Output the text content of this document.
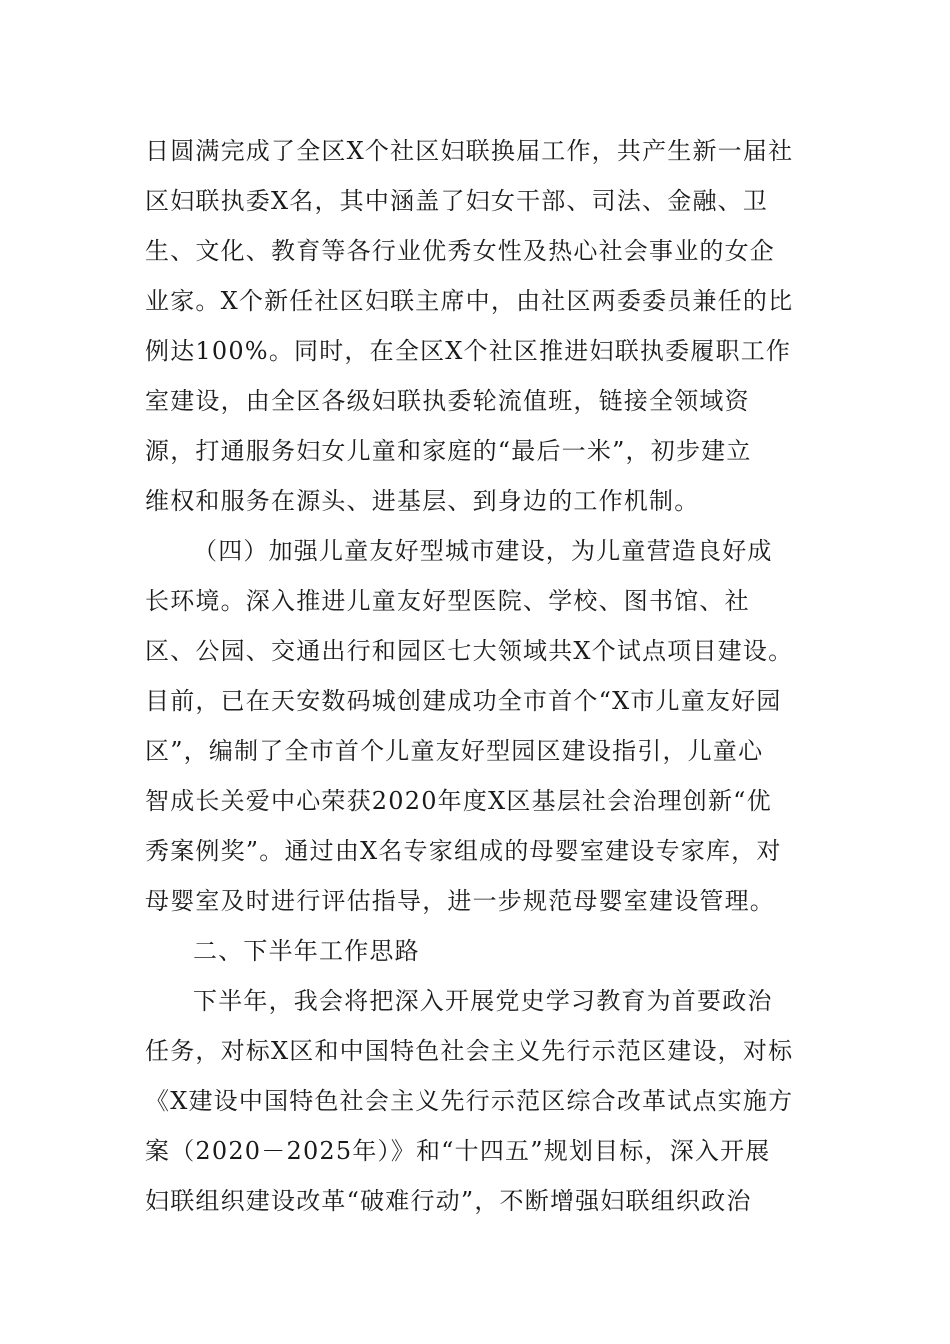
日圆满完成了全区X个社区妇联换届工作，共产生新一届社
区妇联执委X名，其中涵盖了妇女干部、司法、金融、卫
生、文化、教育等各行业优秀女性及热心社会事业的女企
业家。X个新任社区妇联主席中，由社区两委委员兼任的比
例达100%。同时，在全区X个社区推进妇联执委履职工作
室建设，由全区各级妇联执委轮流值班，链接全领域资
源，打通服务妇女儿童和家庭的“最后一米”，初步建立
维权和服务在源头、进基层、到身边的工作机制。
（四）加强儿童友好型城市建设，为儿童营造良好成
长环境。深入推进儿童友好型医院、学校、图书馆、社
区、公园、交通出行和园区七大领域共X个试点项目建设。
目前，已在天安数码城创建成功全市首个“X市儿童友好园
区”，编制了全市首个儿童友好型园区建设指引，儿童心
智成长关爱中心荣获2020年度X区基层社会治理创新“优
秀案例奖”。通过由X名专家组成的母婴室建设专家库，对
母婴室及时进行评估指导，进一步规范母婴室建设管理。
二、下半年工作思路
下半年，我会将把深入开展党史学习教育为首要政治
任务，对标X区和中国特色社会主义先行示范区建设，对标
《X建设中国特色社会主义先行示范区综合改革试点实施方
案（2020－2025年）》和“十四五”规划目标，深入开展
妇联组织建设改革“破难行动”，不断增强妇联组织政治
